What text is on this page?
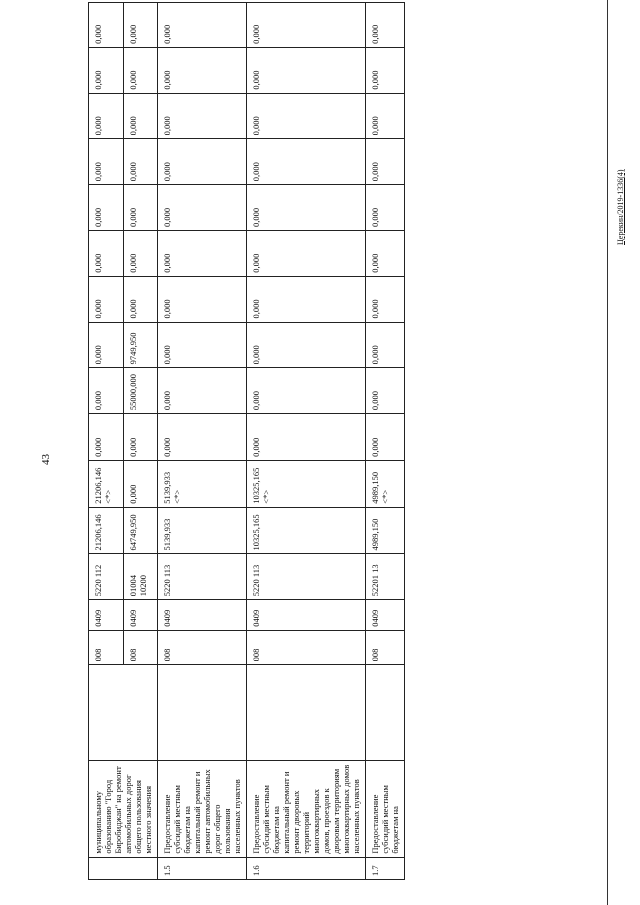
43
	муниципальному образованию "Город Биробиджан" на ремонт автомобильных дорог общего пользования местного значения		008	0409	5220 112	21206,146	21206,146 <*>	0,000	0,000	0,000	0,000	0,000	0,000	0,000	0,000	0,000	0,000
			008	0409	01004 10200	64749,950	0,000	0,000	55000,000	9749,950	0,000	0,000	0,000	0,000	0,000	0,000	0,000
1.5	Предоставление субсидий местным бюджетам на капитальный ремонт и ремонт автомобильных дорог общего пользования населенных пунктов		008	0409	5220 113	5139,933	5139,933 <*>	0,000	0,000	0,000	0,000	0,000	0,000	0,000	0,000	0,000	0,000
1.6	Предоставление субсидий местным бюджетам на капитальный ремонт и ремонт дворовых территорий многоквартирных домов, проездов к дворовым территориям многоквартирных домов населенных пунктов		008	0409	5220 113	10325,165	10325,165 <*>	0,000	0,000	0,000	0,000	0,000	0,000	0,000	0,000	0,000	0,000
1.7	Предоставление субсидий местным бюджетам на		008	0409	52201 13	4989,150	4989,150 <*>	0,000	0,000	0,000	0,000	0,000	0,000	0,000	0,000	0,000	0,000
Церекин/2019-1336(4)
